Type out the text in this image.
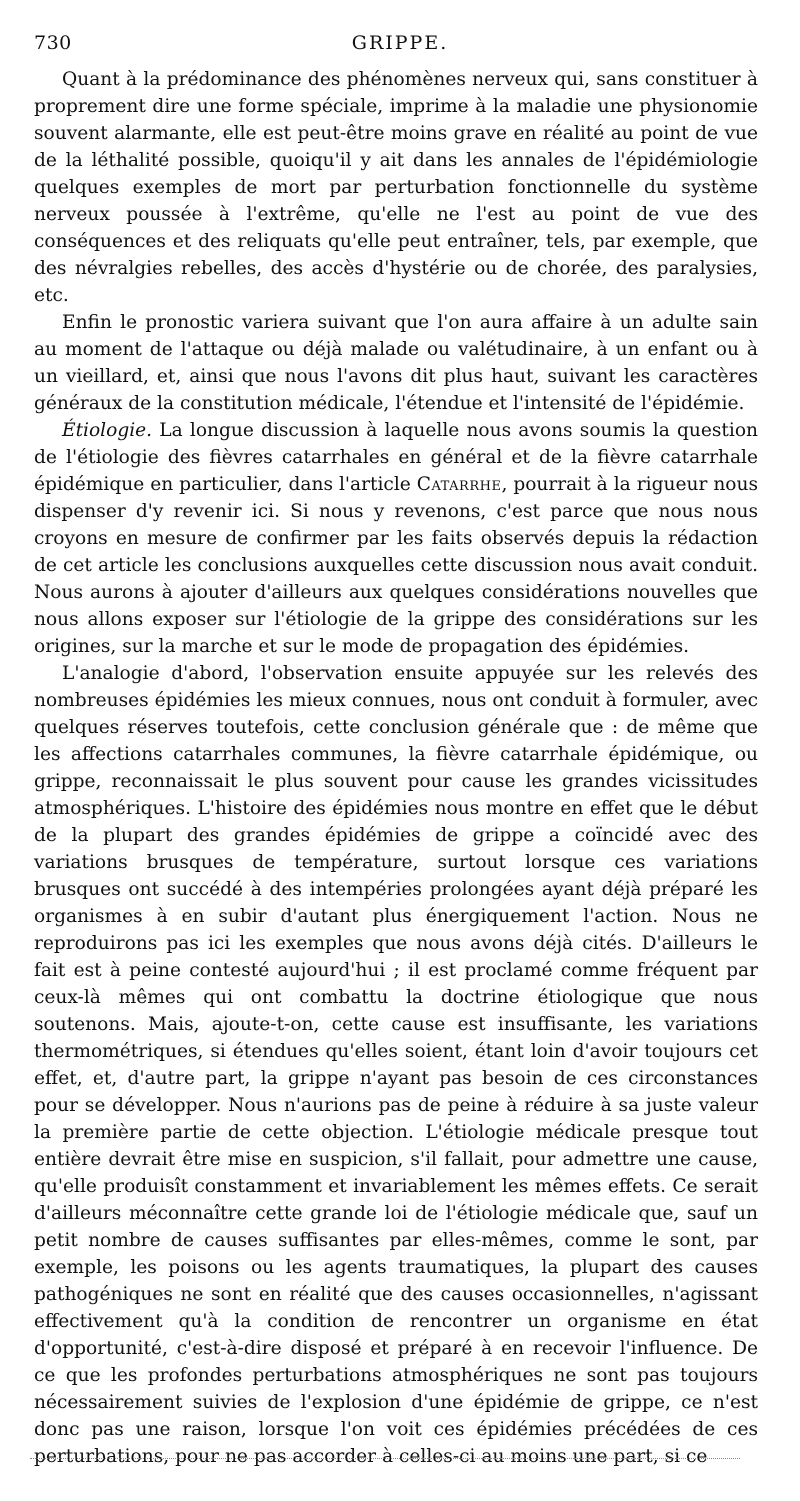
730	GRIPPE.

Quant à la prédominance des phénomènes nerveux qui, sans constituer à proprement dire une forme spéciale, imprime à la maladie une physionomie souvent alarmante, elle est peut-être moins grave en réalité au point de vue de la léthalité possible, quoiqu'il y ait dans les annales de l'épidémiologie quelques exemples de mort par perturbation fonctionnelle du système nerveux poussée à l'extrême, qu'elle ne l'est au point de vue des conséquences et des reliquats qu'elle peut entraîner, tels, par exemple, que des névralgies rebelles, des accès d'hystérie ou de chorée, des paralysies, etc.

Enfin le pronostic variera suivant que l'on aura affaire à un adulte sain au moment de l'attaque ou déjà malade ou valétudinaire, à un enfant ou à un vieillard, et, ainsi que nous l'avons dit plus haut, suivant les caractères généraux de la constitution médicale, l'étendue et l'intensité de l'épidémie.

Étiologie. La longue discussion à laquelle nous avons soumis la question de l'étiologie des fièvres catarrhales en général et de la fièvre catarrhale épidémique en particulier, dans l'article Catarrhe, pourrait à la rigueur nous dispenser d'y revenir ici. Si nous y revenons, c'est parce que nous nous croyons en mesure de confirmer par les faits observés depuis la rédaction de cet article les conclusions auxquelles cette discussion nous avait conduit. Nous aurons à ajouter d'ailleurs aux quelques considérations nouvelles que nous allons exposer sur l'étiologie de la grippe des considérations sur les origines, sur la marche et sur le mode de propagation des épidémies.

L'analogie d'abord, l'observation ensuite appuyée sur les relevés des nombreuses épidémies les mieux connues, nous ont conduit à formuler, avec quelques réserves toutefois, cette conclusion générale que : de même que les affections catarrhales communes, la fièvre catarrhale épidémique, ou grippe, reconnaissait le plus souvent pour cause les grandes vicissitudes atmosphériques. L'histoire des épidémies nous montre en effet que le début de la plupart des grandes épidémies de grippe a coïncidé avec des variations brusques de température, surtout lorsque ces variations brusques ont succédé à des intempéries prolongées ayant déjà préparé les organismes à en subir d'autant plus énergiquement l'action. Nous ne reproduirons pas ici les exemples que nous avons déjà cités. D'ailleurs le fait est à peine contesté aujourd'hui ; il est proclamé comme fréquent par ceux-là mêmes qui ont combattu la doctrine étiologique que nous soutenons. Mais, ajoute-t-on, cette cause est insuffisante, les variations thermométriques, si étendues qu'elles soient, étant loin d'avoir toujours cet effet, et, d'autre part, la grippe n'ayant pas besoin de ces circonstances pour se développer. Nous n'aurions pas de peine à réduire à sa juste valeur la première partie de cette objection. L'étiologie médicale presque tout entière devrait être mise en suspicion, s'il fallait, pour admettre une cause, qu'elle produisît constamment et invariablement les mêmes effets. Ce serait d'ailleurs méconnaître cette grande loi de l'étiologie médicale que, sauf un petit nombre de causes suffisantes par elles-mêmes, comme le sont, par exemple, les poisons ou les agents traumatiques, la plupart des causes pathogéniques ne sont en réalité que des causes occasionnelles, n'agissant effectivement qu'à la condition de rencontrer un organisme en état d'opportunité, c'est-à-dire disposé et préparé à en recevoir l'influence. De ce que les profondes perturbations atmosphériques ne sont pas toujours nécessairement suivies de l'explosion d'une épidémie de grippe, ce n'est donc pas une raison, lorsque l'on voit ces épidémies précédées de ces perturbations, pour ne pas accorder à celles-ci au moins une part, si ce
